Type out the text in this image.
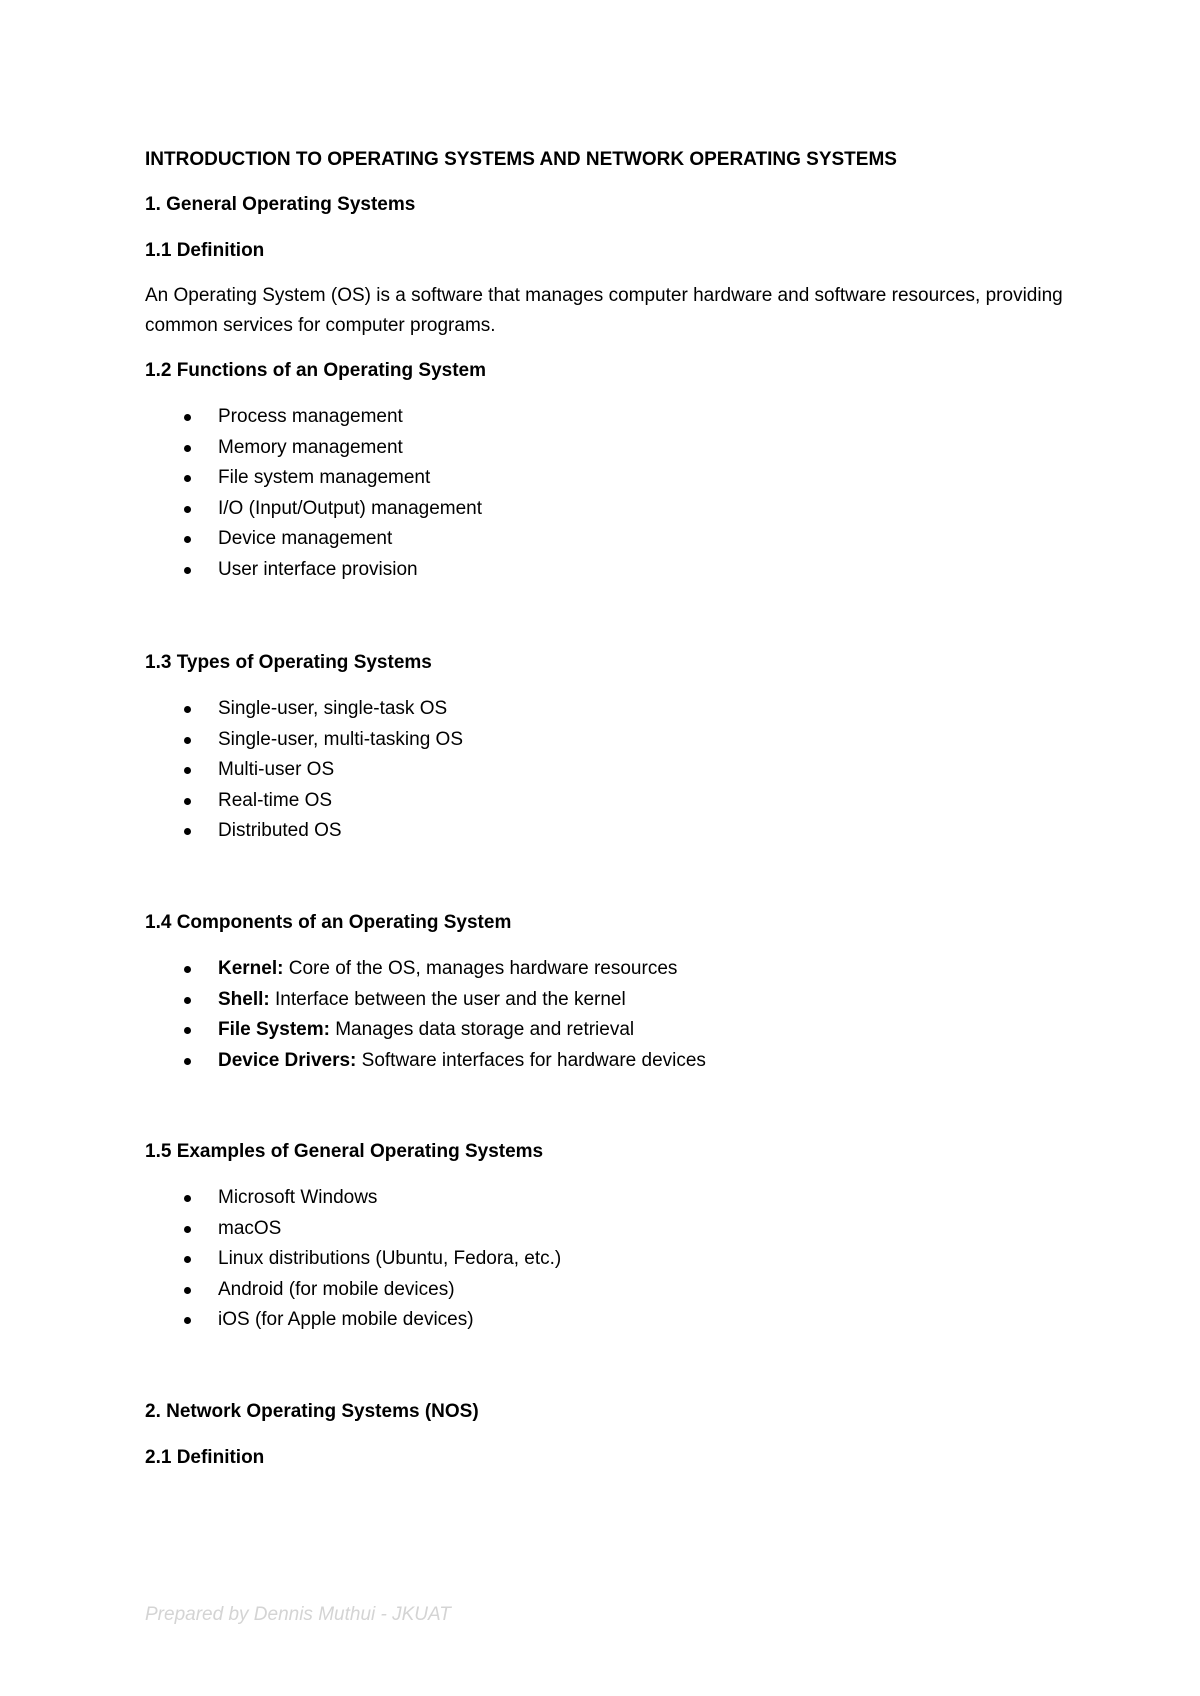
INTRODUCTION TO OPERATING SYSTEMS AND NETWORK OPERATING SYSTEMS

1. General Operating Systems

1.1 Definition

An Operating System (OS) is a software that manages computer hardware and software resources, providing common services for computer programs.

1.2 Functions of an Operating System

Process management
Memory management
File system management
I/O (Input/Output) management
Device management
User interface provision

1.3 Types of Operating Systems

Single-user, single-task OS
Single-user, multi-tasking OS
Multi-user OS
Real-time OS
Distributed OS

1.4 Components of an Operating System

Kernel: Core of the OS, manages hardware resources
Shell: Interface between the user and the kernel
File System: Manages data storage and retrieval
Device Drivers: Software interfaces for hardware devices

1.5 Examples of General Operating Systems

Microsoft Windows
macOS
Linux distributions (Ubuntu, Fedora, etc.)
Android (for mobile devices)
iOS (for Apple mobile devices)

2. Network Operating Systems (NOS)

2.1 Definition

Prepared by Dennis Muthui - JKUAT
